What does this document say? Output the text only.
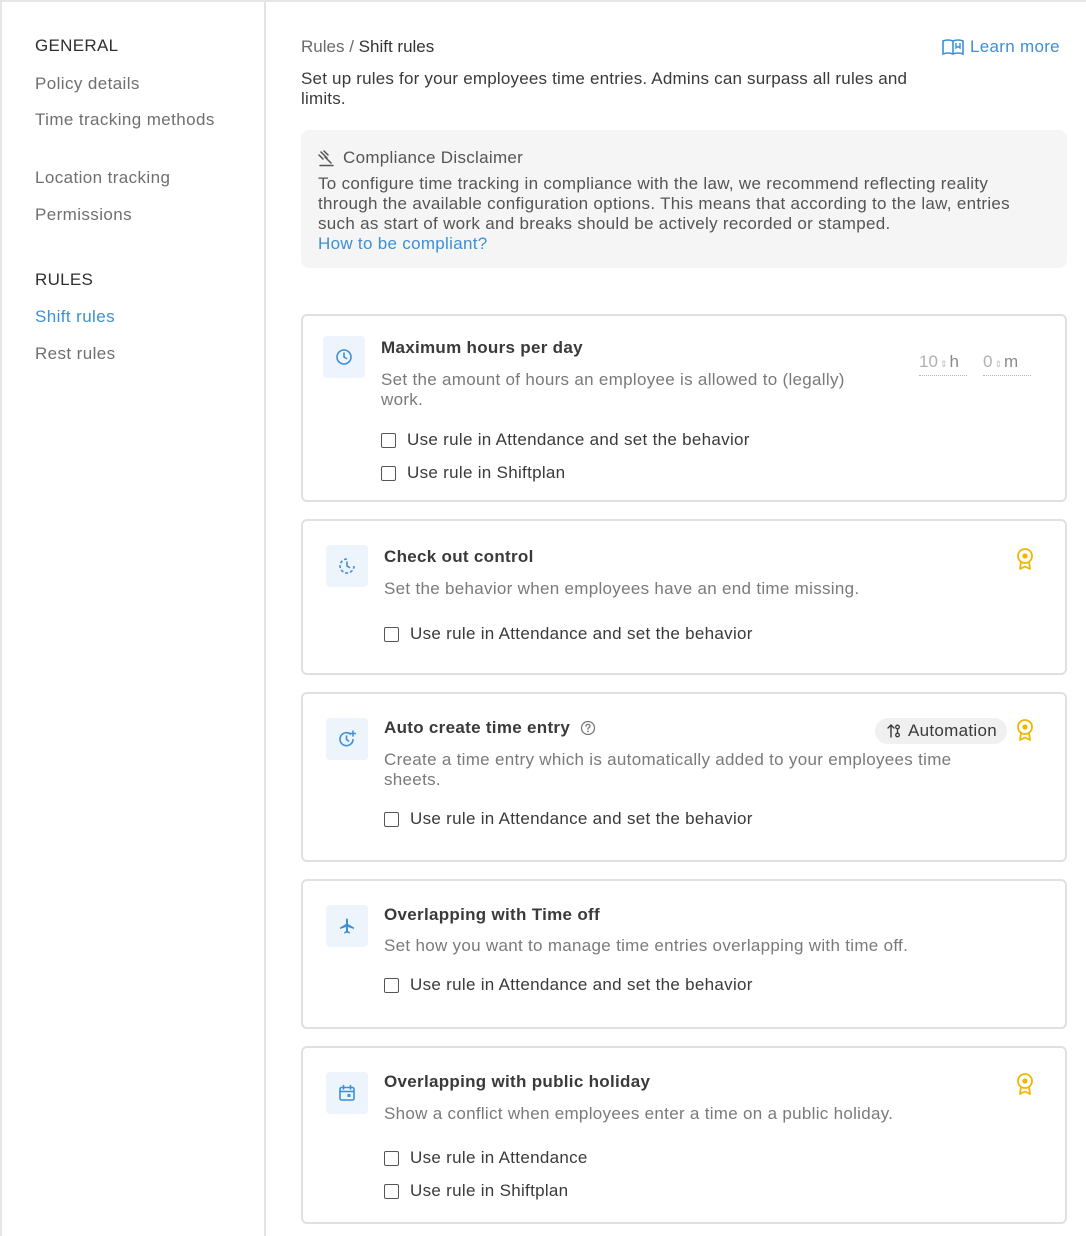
GENERAL
Policy details
Time tracking methods
Location tracking
Permissions
RULES
Shift rules
Rest rules
Rules / Shift rules	Learn more
Set up rules for your employees time entries. Admins can surpass all rules and limits.
Compliance Disclaimer
To configure time tracking in compliance with the law, we recommend reflecting reality through the available configuration options. This means that according to the law, entries such as start of work and breaks should be actively recorded or stamped.
How to be compliant?
Maximum hours per day
Set the amount of hours an employee is allowed to (legally) work.
10 ⇕ h 0 ⇕ m
Use rule in Attendance and set the behavior
Use rule in Shiftplan
Check out control
Set the behavior when employees have an end time missing.
Use rule in Attendance and set the behavior
Auto create time entry
Create a time entry which is automatically added to your employees time sheets.
Automation
Use rule in Attendance and set the behavior
Overlapping with Time off
Set how you want to manage time entries overlapping with time off.
Use rule in Attendance and set the behavior
Overlapping with public holiday
Show a conflict when employees enter a time on a public holiday.
Use rule in Attendance
Use rule in Shiftplan
